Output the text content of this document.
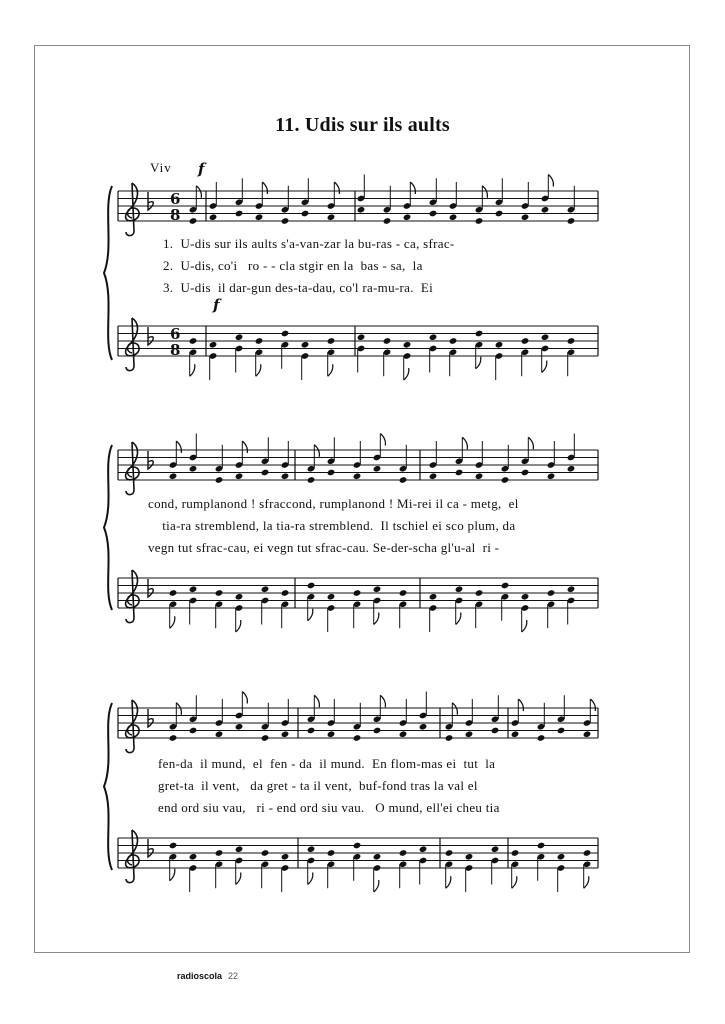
11. Udis sur ils aults
Viv f
f
1.  U-dis sur ils aults s'a-van-zar la bu-ras - ca, sfrac-
2.  U-dis, co'i   ro - - cla stgir en la  bas - sa,  la
3.  U-dis  il dar-gun des-ta-dau, co'l ra-mu-ra.  Ei
cond, rumplanond ! sfraccond, rumplanond ! Mi-rei il ca - metg,  el
tia-ra stremblend, la tia-ra stremblend.  Il tschiel ei sco plum, da
vegn tut sfrac-cau, ei vegn tut sfrac-cau. Se-der-scha gl'u-al  ri -
fen-da  il mund,  el  fen - da  il mund.  En flom-mas ei  tut  la
gret-ta  il vent,   da gret - ta il vent,  buf-fond tras la val el
end ord siu vau,   ri - end ord siu vau.   O mund, ell'ei cheu tia
6
8
6
8
radioscola 22
